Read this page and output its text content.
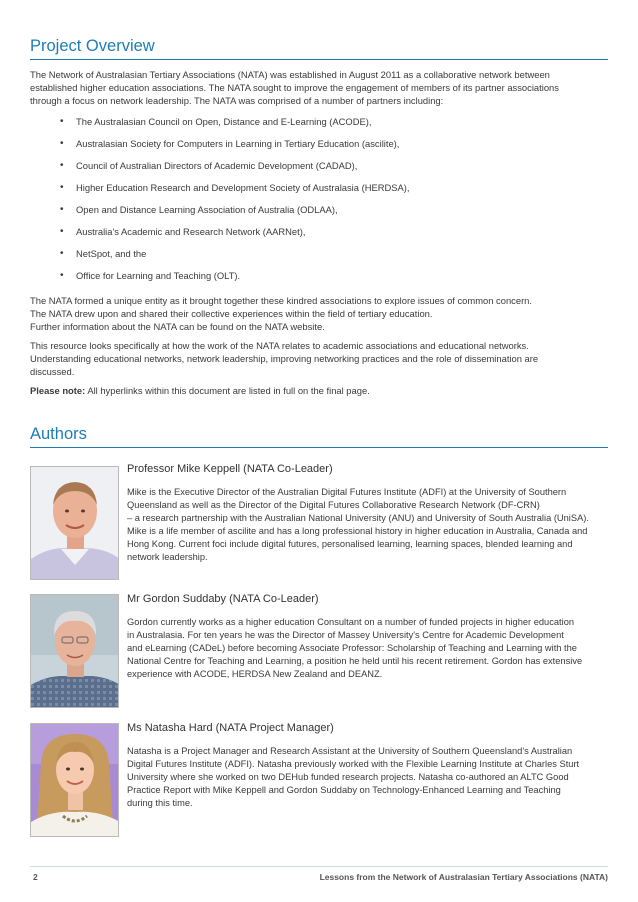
Project Overview
The Network of Australasian Tertiary Associations (NATA) was established in August 2011 as a collaborative network between
established higher education associations. The NATA sought to improve the engagement of members of its partner associations
through a focus on network leadership. The NATA was comprised of a number of partners including:
• The Australasian Council on Open, Distance and E-Learning (ACODE),
• Australasian Society for Computers in Learning in Tertiary Education (ascilite),
• Council of Australian Directors of Academic Development (CADAD),
• Higher Education Research and Development Society of Australasia (HERDSA),
• Open and Distance Learning Association of Australia (ODLAA),
• Australia's Academic and Research Network (AARNet),
• NetSpot, and the
• Office for Learning and Teaching (OLT).
The NATA formed a unique entity as it brought together these kindred associations to explore issues of common concern.
The NATA drew upon and shared their collective experiences within the field of tertiary education.
Further information about the NATA can be found on the NATA website.
This resource looks specifically at how the work of the NATA relates to academic associations and educational networks.
Understanding educational networks, network leadership, improving networking practices and the role of dissemination are
discussed.
Please note: All hyperlinks within this document are listed in full on the final page.
Authors
Professor Mike Keppell (NATA Co-Leader)
Mike is the Executive Director of the Australian Digital Futures Institute (ADFI) at the University of Southern
Queensland as well as the Director of the Digital Futures Collaborative Research Network (DF-CRN)
– a research partnership with the Australian National University (ANU) and University of South Australia (UniSA).
Mike is a life member of ascilite and has a long professional history in higher education in Australia, Canada and
Hong Kong. Current foci include digital futures, personalised learning, learning spaces, blended learning and
network leadership.
Mr Gordon Suddaby (NATA Co-Leader)
Gordon currently works as a higher education Consultant on a number of funded projects in higher education
in Australasia. For ten years he was the Director of Massey University's Centre for Academic Development
and eLearning (CADeL) before becoming Associate Professor: Scholarship of Teaching and Learning with the
National Centre for Teaching and Learning, a position he held until his recent retirement. Gordon has extensive
experience with ACODE, HERDSA New Zealand and DEANZ.
Ms Natasha Hard (NATA Project Manager)
Natasha is a Project Manager and Research Assistant at the University of Southern Queensland's Australian
Digital Futures Institute (ADFI). Natasha previously worked with the Flexible Learning Institute at Charles Sturt
University where she worked on two DEHub funded research projects. Natasha co-authored an ALTC Good
Practice Report with Mike Keppell and Gordon Suddaby on Technology-Enhanced Learning and Teaching
during this time.
2	Lessons from the Network of Australasian Tertiary Associations (NATA)
